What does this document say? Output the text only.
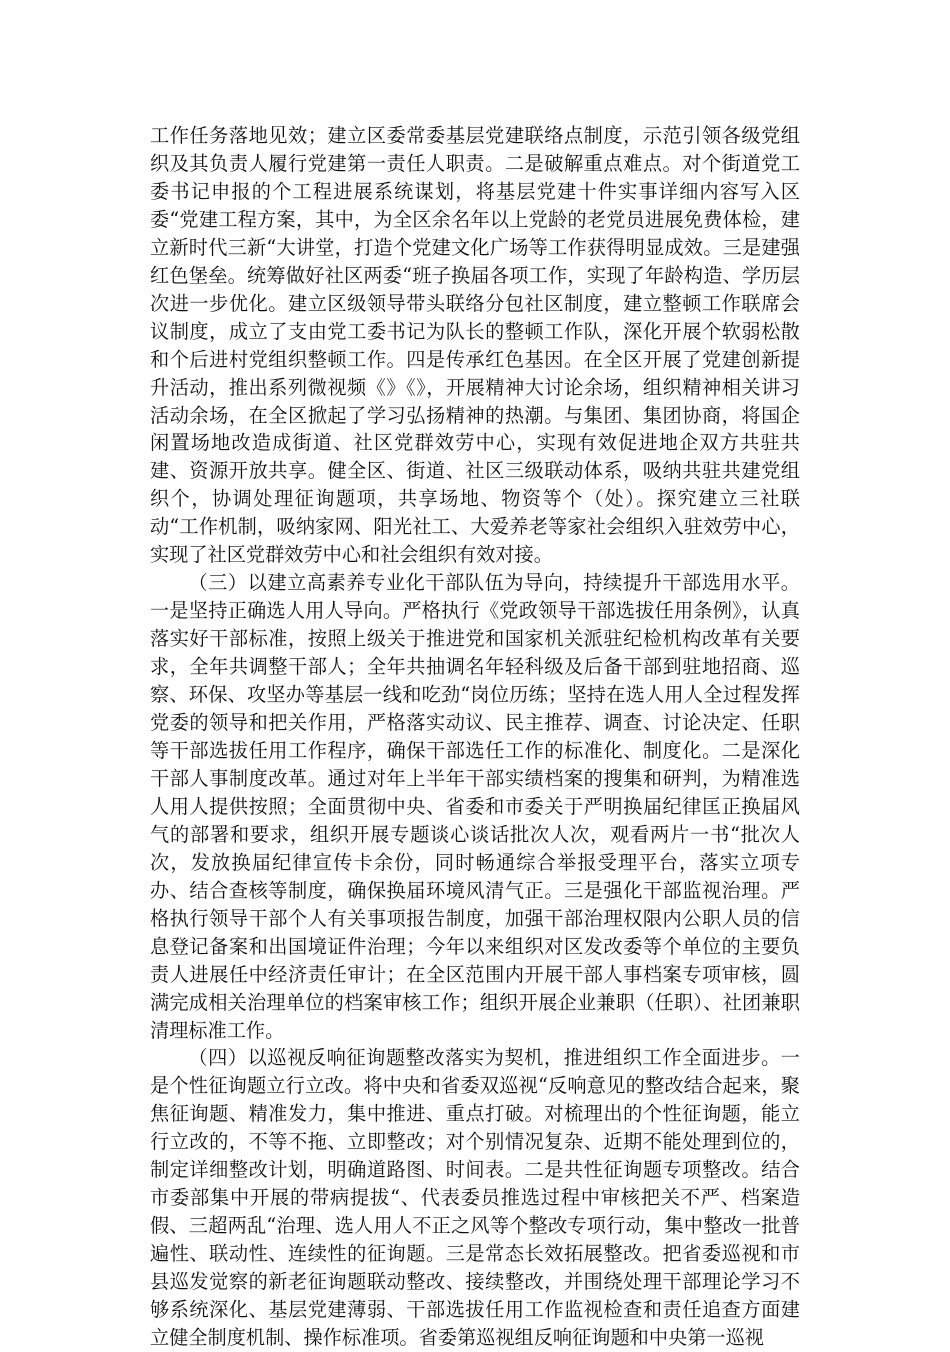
工作任务落地见效；建立区委常委基层党建联络点制度，示范引领各级党组织及其负责人履行党建第一责任人职责。二是破解重点难点。对个街道党工委书记申报的个工程进展系统谋划，将基层党建十件实事详细内容写入区委“党建工程方案，其中，为全区余名年以上党龄的老党员进展免费体检，建立新时代三新“大讲堂，打造个党建文化广场等工作获得明显成效。三是建强红色堡垒。统筹做好社区两委“班子换届各项工作，实现了年龄构造、学历层次进一步优化。建立区级领导带头联络分包社区制度，建立整顿工作联席会议制度，成立了支由党工委书记为队长的整顿工作队，深化开展个软弱松散和个后进村党组织整顿工作。四是传承红色基因。在全区开展了党建创新提升活动，推出系列微视频《》《》，开展精神大讨论余场，组织精神相关讲习活动余场，在全区掀起了学习弘扬精神的热潮。与集团、集团协商，将国企闲置场地改造成街道、社区党群效劳中心，实现有效促进地企双方共驻共建、资源开放共享。健全区、街道、社区三级联动体系，吸纳共驻共建党组织个，协调处理征询题项，共享场地、物资等个（处）。探究建立三社联动“工作机制，吸纳家网、阳光社工、大爱养老等家社会组织入驻效劳中心，实现了社区党群效劳中心和社会组织有效对接。

（三）以建立高素养专业化干部队伍为导向，持续提升干部选用水平。一是坚持正确选人用人导向。严格执行《党政领导干部选拔任用条例》，认真落实好干部标准，按照上级关于推进党和国家机关派驻纪检机构改革有关要求，全年共调整干部人；全年共抽调名年轻科级及后备干部到驻地招商、巡察、环保、攻坚办等基层一线和吃劲“岗位历练；坚持在选人用人全过程发挥党委的领导和把关作用，严格落实动议、民主推荐、调查、讨论决定、任职等干部选拔任用工作程序，确保干部选任工作的标准化、制度化。二是深化干部人事制度改革。通过对年上半年干部实绩档案的搜集和研判，为精准选人用人提供按照；全面贯彻中央、省委和市委关于严明换届纪律匡正换届风气的部署和要求，组织开展专题谈心谈话批次人次，观看两片一书“批次人次，发放换届纪律宣传卡余份，同时畅通综合举报受理平台，落实立项专办、结合查核等制度，确保换届环境风清气正。三是强化干部监视治理。严格执行领导干部个人有关事项报告制度，加强干部治理权限内公职人员的信息登记备案和出国境证件治理；今年以来组织对区发改委等个单位的主要负责人进展任中经济责任审计；在全区范围内开展干部人事档案专项审核，圆满完成相关治理单位的档案审核工作；组织开展企业兼职（任职）、社团兼职清理标准工作。

（四）以巡视反响征询题整改落实为契机，推进组织工作全面进步。一是个性征询题立行立改。将中央和省委双巡视“反响意见的整改结合起来，聚焦征询题、精准发力，集中推进、重点打破。对梳理出的个性征询题，能立行立改的，不等不拖、立即整改；对个别情况复杂、近期不能处理到位的，制定详细整改计划，明确道路图、时间表。二是共性征询题专项整改。结合市委部集中开展的带病提拔“、代表委员推选过程中审核把关不严、档案造假、三超两乱“治理、选人用人不正之风等个整改专项行动，集中整改一批普遍性、联动性、连续性的征询题。三是常态长效拓展整改。把省委巡视和市县巡发觉察的新老征询题联动整改、接续整改，并围绕处理干部理论学习不够系统深化、基层党建薄弱、干部选拔任用工作监视检查和责任追查方面建立健全制度机制、操作标准项。省委第巡视组反响征询题和中央第一巡视
